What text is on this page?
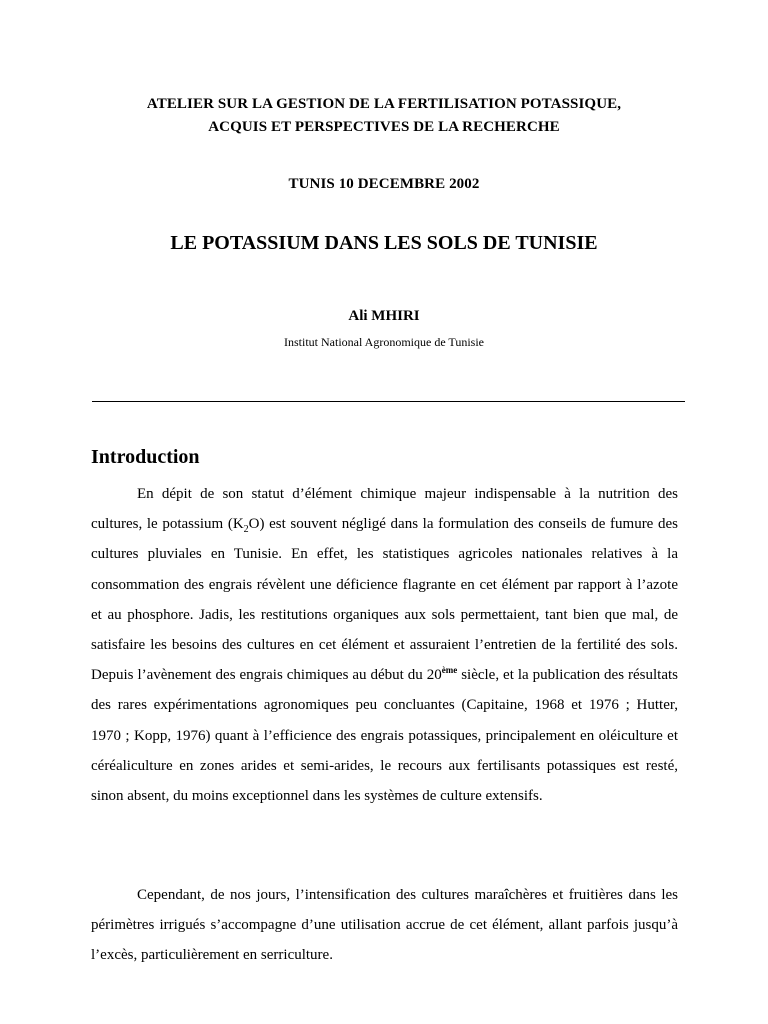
ATELIER SUR LA GESTION DE LA FERTILISATION POTASSIQUE,
ACQUIS ET PERSPECTIVES DE LA RECHERCHE
TUNIS 10 DECEMBRE 2002
LE POTASSIUM DANS LES SOLS DE TUNISIE
Ali MHIRI
Institut National Agronomique de Tunisie
Introduction

En dépit de son statut d’élément chimique majeur indispensable à la nutrition des cultures, le potassium $(K_2O)$ est souvent négligé dans la formulation des conseils de fumure des cultures pluviales en Tunisie. En effet, les statistiques agricoles nationales relatives à la consommation des engrais révèlent une déficience flagrante en cet élément par rapport à l’azote et au phosphore. Jadis, les restitutions organiques aux sols permettaient, tant bien que mal, de satisfaire les besoins des cultures en cet élément et assuraient l’entretien de la fertilité des sols. Depuis l’avènement des engrais chimiques au début du 20ème siècle, et la publication des résultats des rares expérimentations agronomiques peu concluantes (Capitaine, 1968 et 1976 ; Hutter, 1970 ; Kopp, 1976) quant à l’efficience des engrais potassiques, principalement en oléiculture et céréaliculture en zones arides et semi-arides, le recours aux fertilisants potassiques est resté, sinon absent, du moins exceptionnel dans les systèmes de culture extensifs.

Cependant, de nos jours, l’intensification des cultures maraîchères et fruitières dans les périmètres irrigués s’accompagne d’une utilisation accrue de cet élément, allant parfois jusqu’à l’excès, particulièrement en serriculture.
